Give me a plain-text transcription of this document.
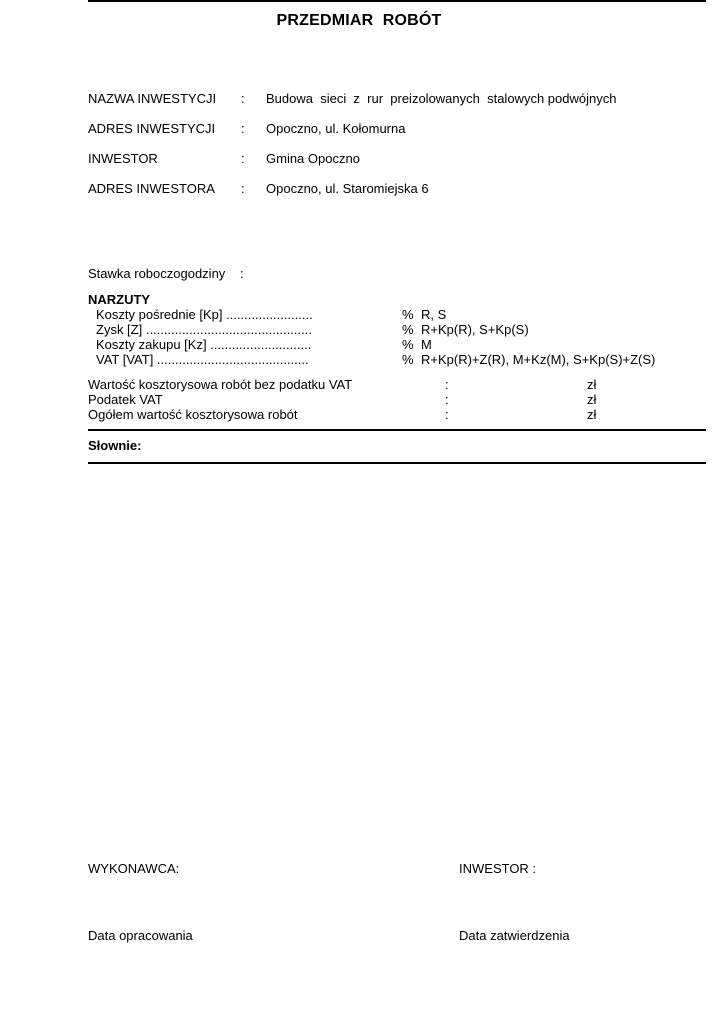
PRZEDMIAR  ROBÓT
NAZWA INWESTYCJI : Budowa  sieci  z  rur  preizolowanych  stalowych podwójnych
ADRES INWESTYCJI : Opoczno, ul. Kołomurna
INWESTOR	: Gmina Opoczno
ADRES INWESTORA : Opoczno, ul. Staromiejska 6
Stawka roboczogodziny :
NARZUTY
Koszty pośrednie [Kp] ........................	% R, S
Zysk [Z] ..............................................	% R+Kp(R), S+Kp(S)
Koszty zakupu [Kz] ............................	% M
VAT [VAT] ..........................................	% R+Kp(R)+Z(R), M+Kz(M), S+Kp(S)+Z(S)
Wartość kosztorysowa robót bez podatku VAT	:	zł
Podatek VAT	:	zł
Ogółem wartość kosztorysowa robót	:	zł
Słownie:
WYKONAWCA:	INWESTOR :
Data opracowania	Data zatwierdzenia
